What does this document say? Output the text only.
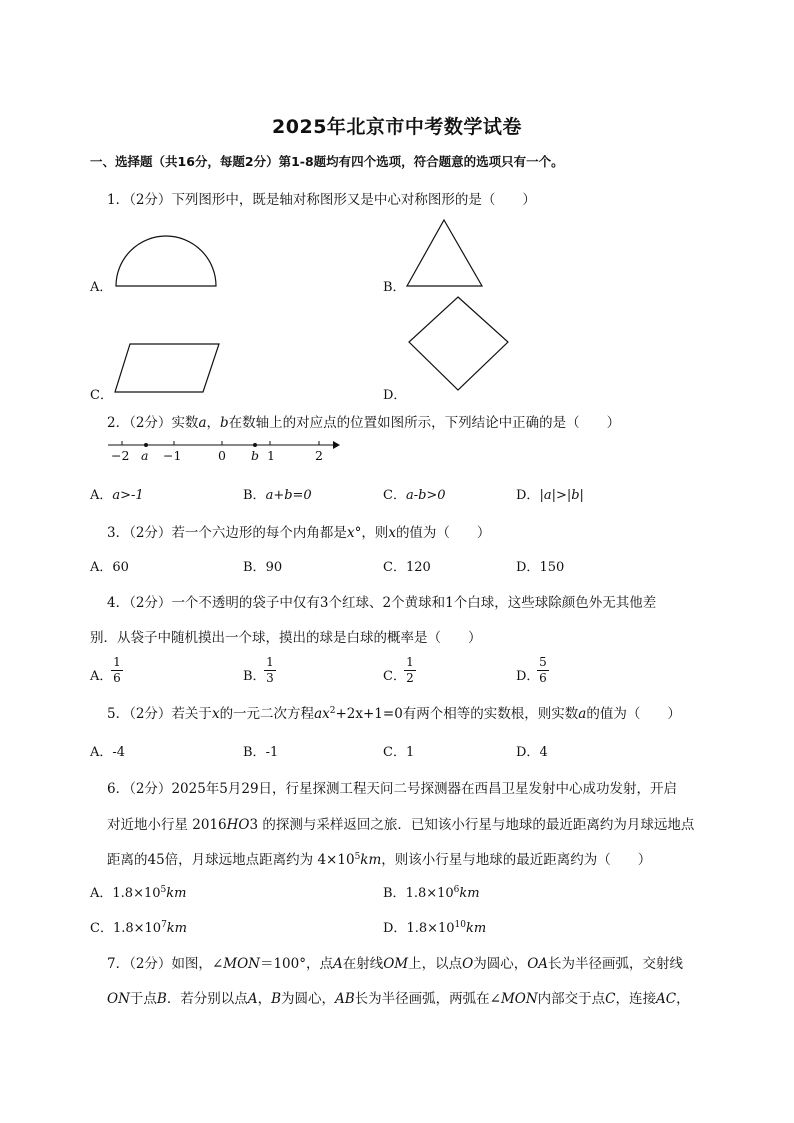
2025年北京市中考数学试卷
一、选择题（共16分，每题2分）第1-8题均有四个选项，符合题意的选项只有一个。
1．（2分）下列图形中，既是轴对称图形又是中心对称图形的是（　　）
A．	B．
C．	D．
2．（2分）实数a，b在数轴上的对应点的位置如图所示，下列结论中正确的是（　　）
−2 a −1	0 b 1	2
A．a>-1	B．a+b=0	C．a-b>0	D．|a|>|b|
3．（2分）若一个六边形的每个内角都是x°，则x的值为（　　）
A．60	B．90	C．120	D．150
4．（2分）一个不透明的袋子中仅有3个红球、2个黄球和1个白球，这些球除颜色外无其他差
别．从袋子中随机摸出一个球，摸出的球是白球的概率是（　　）
A．
$\frac{1}{6}$	B．
$\frac{1}{3}$	C．
$\frac{1}{2}$	D．
$\frac{5}{6}$
5．（2分）若关于x的一元二次方程$ax^2+2x+1=0$有两个相等的实数根，则实数a的值为（　　）
A．-4	B．-1	C．1	D．4
6．（2分）2025年5月29日，行星探测工程天问二号探测器在西昌卫星发射中心成功发射，开启
对近地小行星 2016HO3 的探测与采样返回之旅．已知该小行星与地球的最近距离约为月球远地点
距离的45倍，月球远地点距离约为 $4\times 10^5km$，则该小行星与地球的最近距离约为（　　）
A．$1.8\times 10^5km$	B．$1.8\times 10^6km$
C．$1.8\times 10^7km$	D．$1.8\times 10^{10}km$
7．（2分）如图，∠MON＝100°，点A在射线OM上，以点O为圆心，OA长为半径画弧，交射线
ON于点B．若分别以点A，B为圆心，AB长为半径画弧，两弧在∠MON内部交于点C，连接AC，
